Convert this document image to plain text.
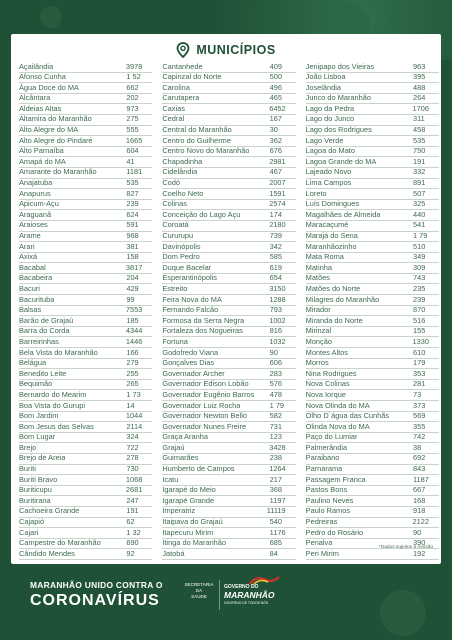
MUNICÍPIOS
Açailândia	3978
Afonso Cunha	1 52
Água Doce do MA	662
Alcântara	202
Aldeias Altas	973
Altamira do Maranhão	275
Alto Alegre do MA	555
Alto Alegre do Pindaré	1665
Alto Parnaíba	604
Amapá do MA	41
Amarante do Maranhão	1181
Anajatuba	535
Anapurus	827
Apicum-Açu	239
Araguanã	624
Araioses	591
Arame	968
Arari	381
Axixá	158
Bacabal	3817
Bacabeira	204
Bacuri	429
Bacurituba	99
Balsas	7553
Barão de Grajaú	185
Barra do Corda	4344
Barreirinhas	1446
Bela Vista do Maranhão	166
Belágua	279
Benedito Leite	255
Bequimão	265
Bernardo do Mearim	1 73
Boa Vista do Gurupi	14
Bom Jardim	1044
Bom Jesus das Selvas	2114
Bom Lugar	324
Brejo	722
Brejo de Areia	278
Buriti	730
Buriti Bravo	1068
Buriticupu	2681
Buritirana	247
Cachoeira Grande	191
Cajapió	62
Cajari	1 32
Campestre do Maranhão	690
Cândido Mendes	92
Cantanhede	409
Capinzal do Norte	500
Carolina	496
Carutapera	465
Caxias	6452
Cedral	167
Central do Maranhão	30
Centro do Guilherme	362
Centro Novo do Maranhão	676
Chapadinha	2981
Cidelândia	467
Codó	2007
Coelho Neto	1591
Colinas	2574
Conceição do Lago Açu	174
Coroatá	2180
Cururupu	739
Davinópolis	342
Dom Pedro	585
Duque Bacelar	619
Esperantinópolis	654
Estreito	3150
Feira Nova do MA	1288
Fernando Falcão	793
Formosa da Serra Negra	1002
Fortaleza dos Nogueiras	816
Fortuna	1032
Godofredo Viana	90
Gonçalves Dias	606
Governador Archer	283
Governador Edison Lobão	576
Governador Eugênio Barros 478
Governador Luiz Rocha	1 79
Governador Newton Bello	582
Governador Nunes Freire	731
Graça Aranha	123
Grajaú	3428
Guimarães	238
Humberto de Campos	1264
Icatu	217
Igarapé do Meio	368
Igarapé Grande	1197
Imperatriz	11119
Itaipava do Grajaú	540
Itapecuru Mirim	1176
Itinga do Maranhão	685
Jatobá	84
Jenipapo dos Vieiras	963
João Lisboa	395
Joselândia	488
Junco do Maranhão	264
Lago da Pedra	1706
Lago do Junco	311
Lago dos Rodrigues	458
Lago Verde	535
Lagoa do Mato	750
Lagoa Grande do MA	191
Lajeado Novo	332
Lima Campos	891
Loreto	507
Luís Domingues	325
Magalhães de Almeida	440
Maracaçumé	541
Marajá do Sena	1 79
Maranhãozinho	510
Mata Roma	349
Matinha	309
Matões	743
Matões do Norte	235
Milagres do Maranhão	239
Mirador	870
Miranda do Norte	516
Mirinzal	155
Monção	1330
Montes Altos	610
Morros	179
Nina Rodrigues	353
Nova Colinas	281
Nova Iorque	73
Nova Olinda do MA	373
Olho D´água das Cunhãs	569
Olinda Nova do MA	355
Paço do Lumiar	742
Palmerândia	38
Paraibano	692
Parnarama	843
Passagem Franca	1187
Pastos Bons	667
Paulino Neves	168
Paulo Ramos	918
Pedreiras	2122
Pedro do Rosário	90
Penalva	390
Peri Mirim	192
*Dados sujeitos à revisão
MARANHÃO UNIDO CONTRA O
CORONAVÍRUS
SECRETARIA DA
SAÚDE
GOVERNO DO
MARANHÃO
GOVERNO DE TODOS NÓS
